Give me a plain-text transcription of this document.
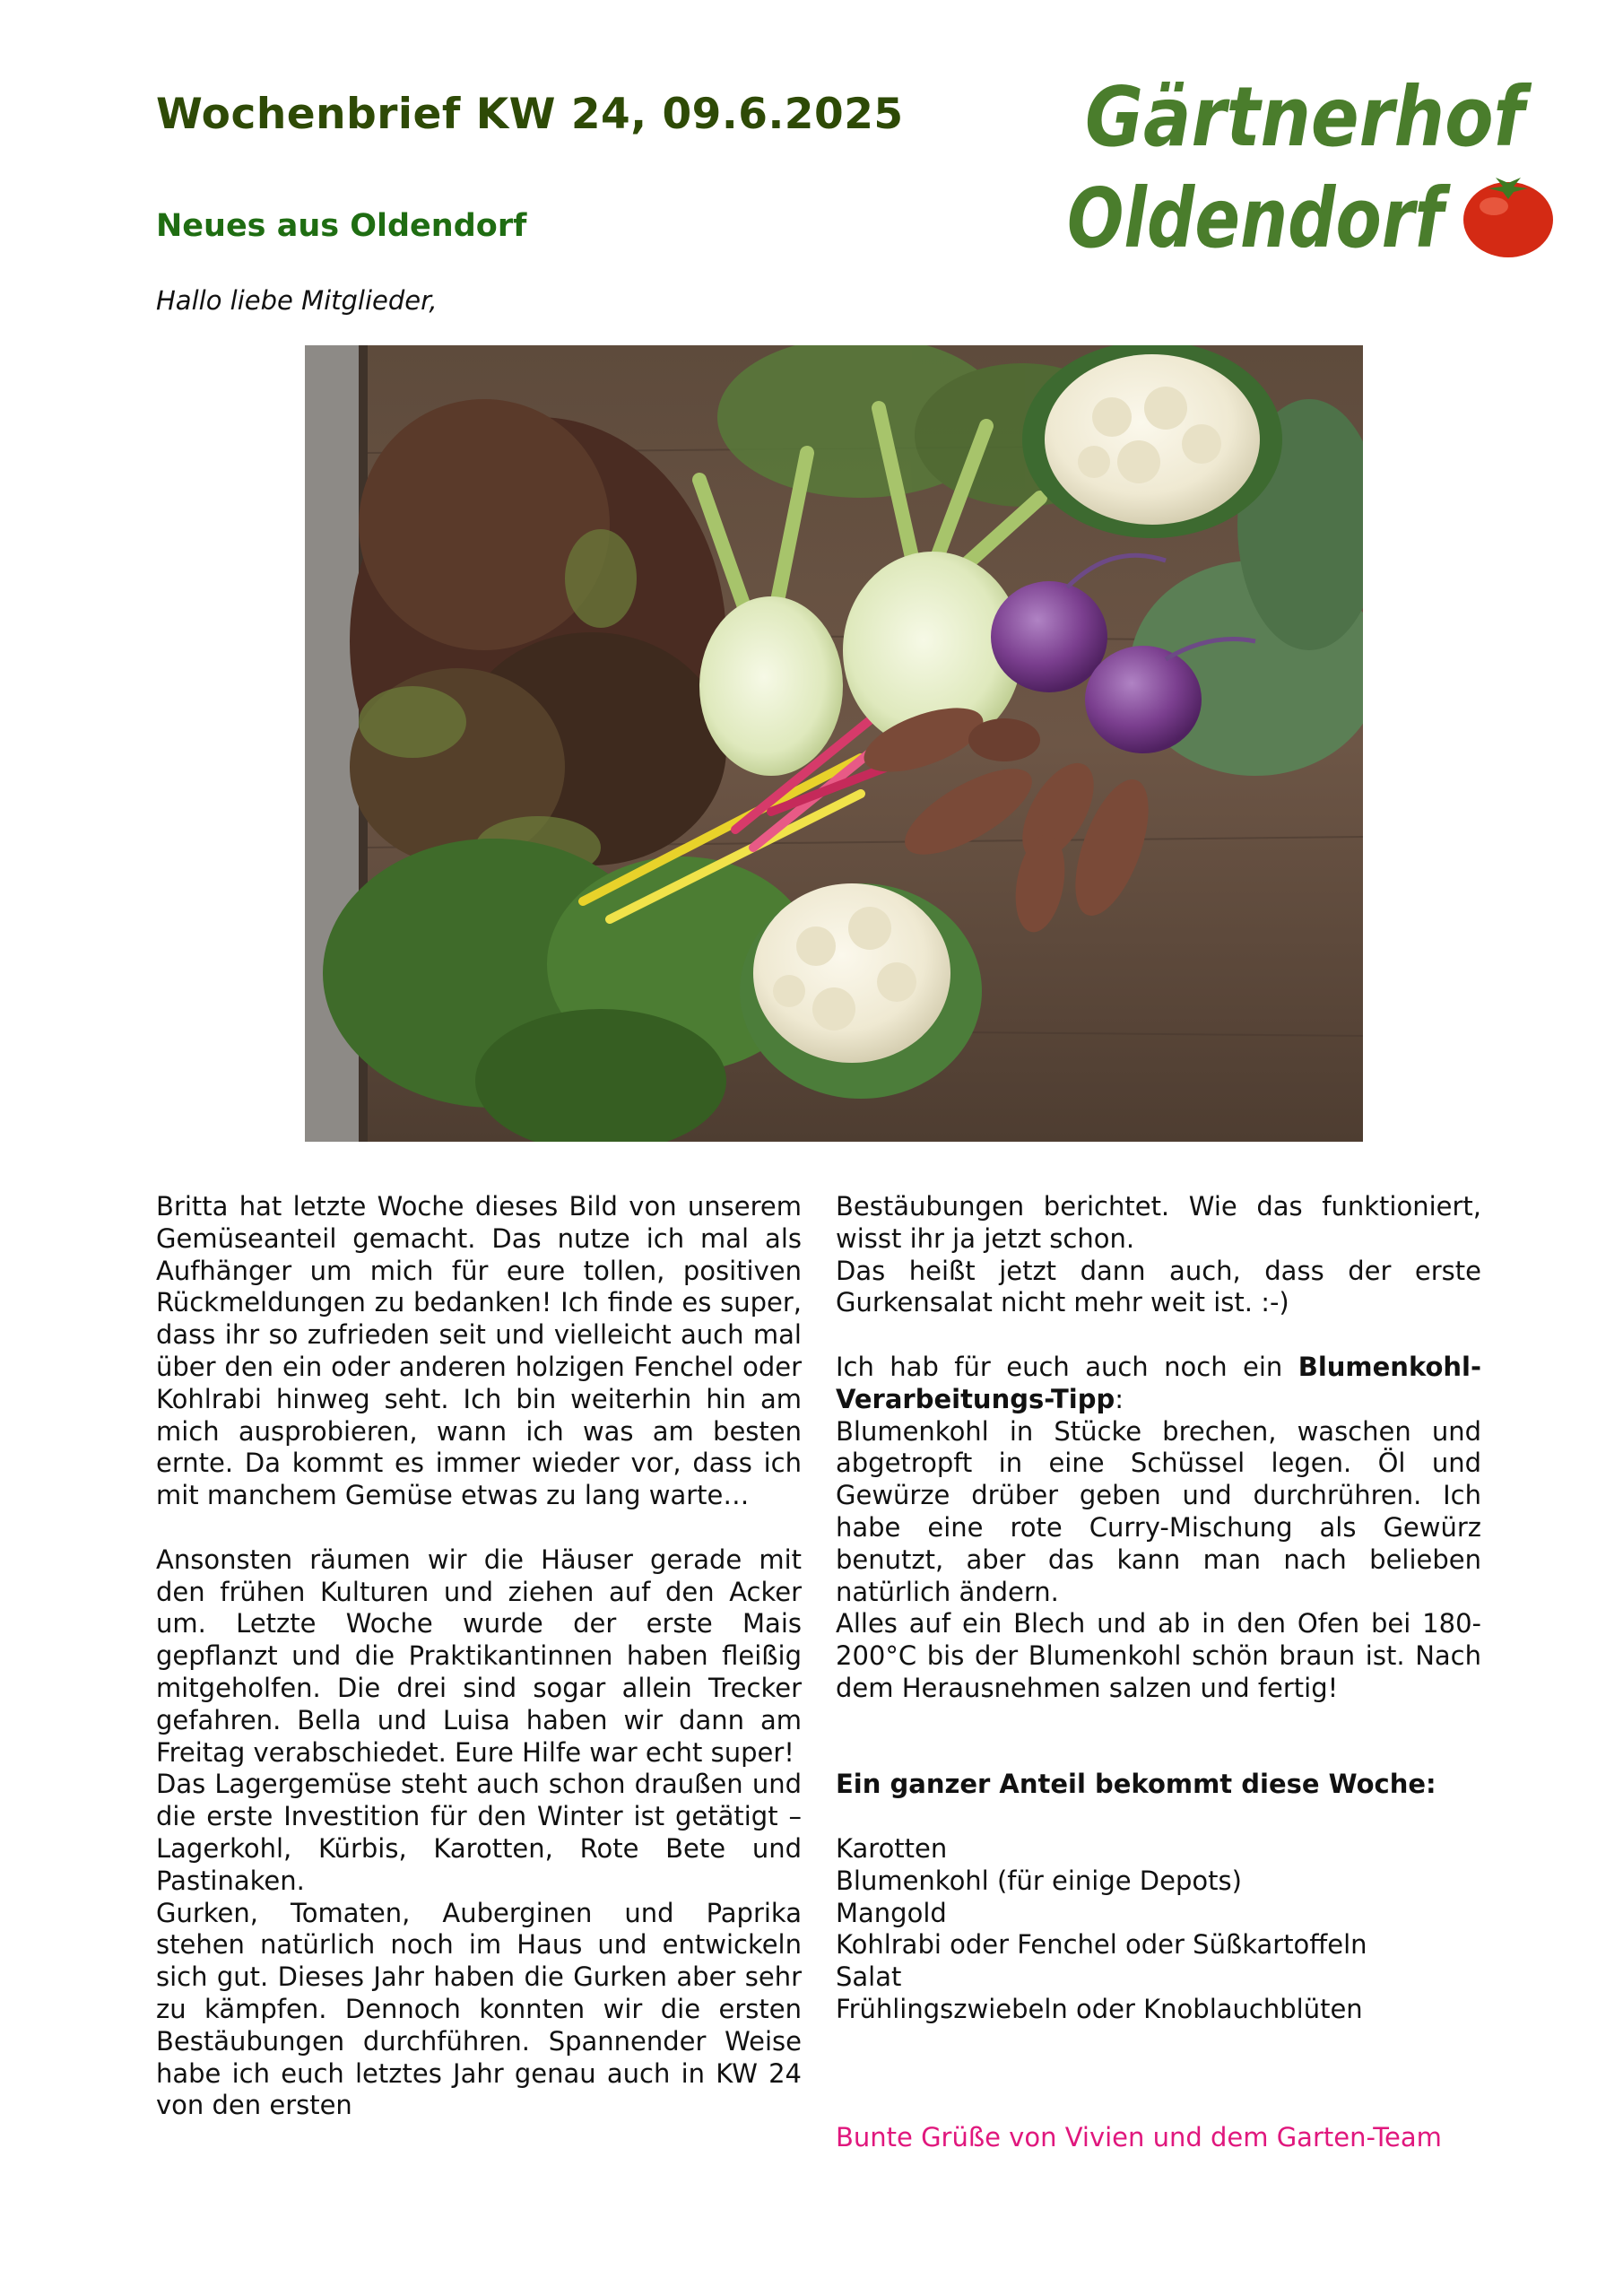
Wochenbrief KW 24, 09.6.2025
Neues aus Oldendorf

Hallo liebe Mitglieder,

Gärtnerhof
Oldendorf

Britta hat letzte Woche dieses Bild von unserem Gemüseanteil gemacht. Das nutze ich mal als Aufhänger um mich für eure tollen, positiven Rückmeldungen zu bedanken! Ich finde es super, dass ihr so zufrieden seit und vielleicht auch mal über den ein oder anderen holzigen Fenchel oder Kohlrabi hinweg seht. Ich bin weiterhin hin am mich ausprobieren, wann ich was am besten ernte. Da kommt es immer wieder vor, dass ich mit manchem Gemüse etwas zu lang warte…

Ansonsten räumen wir die Häuser gerade mit den frühen Kulturen und ziehen auf den Acker um. Letzte Woche wurde der erste Mais gepflanzt und die Praktikantinnen haben fleißig mitgeholfen. Die drei sind sogar allein Trecker gefahren. Bella und Luisa haben wir dann am Freitag verabschiedet. Eure Hilfe war echt super!

Das Lagergemüse steht auch schon draußen und die erste Investition für den Winter ist getätigt – Lagerkohl, Kürbis, Karotten, Rote Bete und Pastinaken.

Gurken, Tomaten, Auberginen und Paprika stehen natürlich noch im Haus und entwickeln sich gut. Dieses Jahr haben die Gurken aber sehr zu kämpfen. Dennoch konnten wir die ersten Bestäubungen durchführen. Spannender Weise habe ich euch letztes Jahr genau auch in KW 24 von den ersten

Bestäubungen berichtet. Wie das funktioniert, wisst ihr ja jetzt schon.

Das heißt jetzt dann auch, dass der erste Gurkensalat nicht mehr weit ist. :-)

Ich hab für euch auch noch ein Blumenkohl-Verarbeitungs-Tipp:

Blumenkohl in Stücke brechen, waschen und abgetropft in eine Schüssel legen. Öl und Gewürze drüber geben und durchrühren. Ich habe eine rote Curry-Mischung als Gewürz benutzt, aber das kann man nach belieben natürlich ändern.

Alles auf ein Blech und ab in den Ofen bei 180-200°C bis der Blumenkohl schön braun ist. Nach dem Herausnehmen salzen und fertig!

Ein ganzer Anteil bekommt diese Woche:

Karotten
Blumenkohl (für einige Depots)
Mangold
Kohlrabi oder Fenchel oder Süßkartoffeln
Salat
Frühlingszwiebeln oder Knoblauchblüten

Bunte Grüße von Vivien und dem Garten-Team
